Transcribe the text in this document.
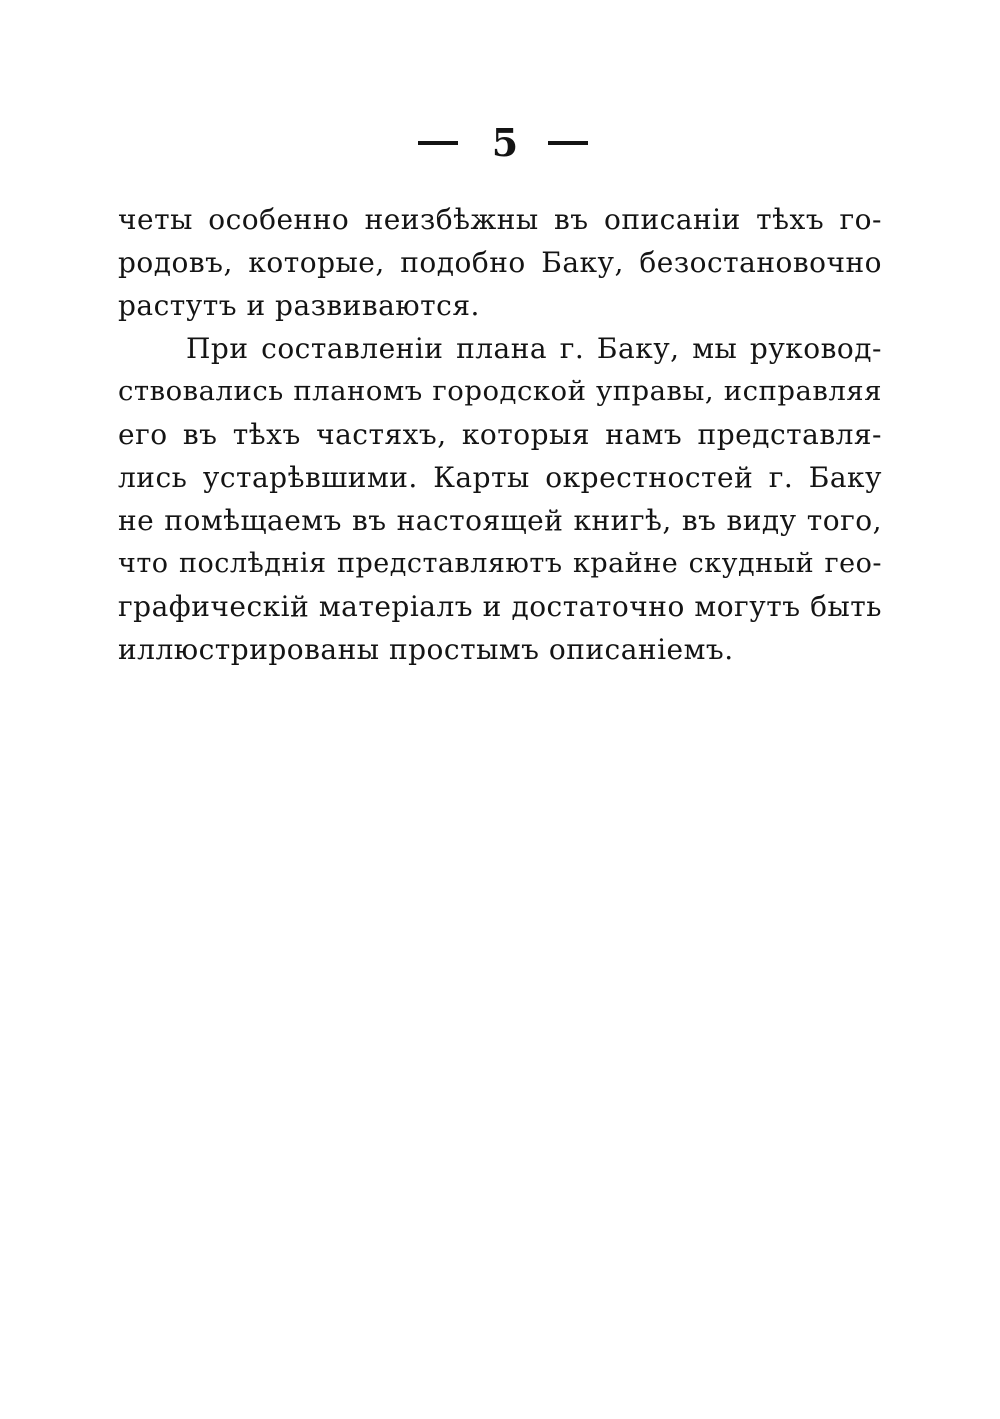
5
четы особенно неизбѣжны въ описаніи тѣхъ го-
родовъ, которые, подобно Баку, безостановочно
растутъ и развиваются.
При составленіи плана г. Баку, мы руковод-
ствовались планомъ городской управы, исправляя
его въ тѣхъ частяхъ, которыя намъ представля-
лись устарѣвшими. Карты окрестностей г. Баку
не помѣщаемъ въ настоящей книгѣ, въ виду того,
что послѣднія представляютъ крайне скудный гео-
графическій матеріалъ и достаточно могутъ быть
иллюстрированы простымъ описаніемъ.
